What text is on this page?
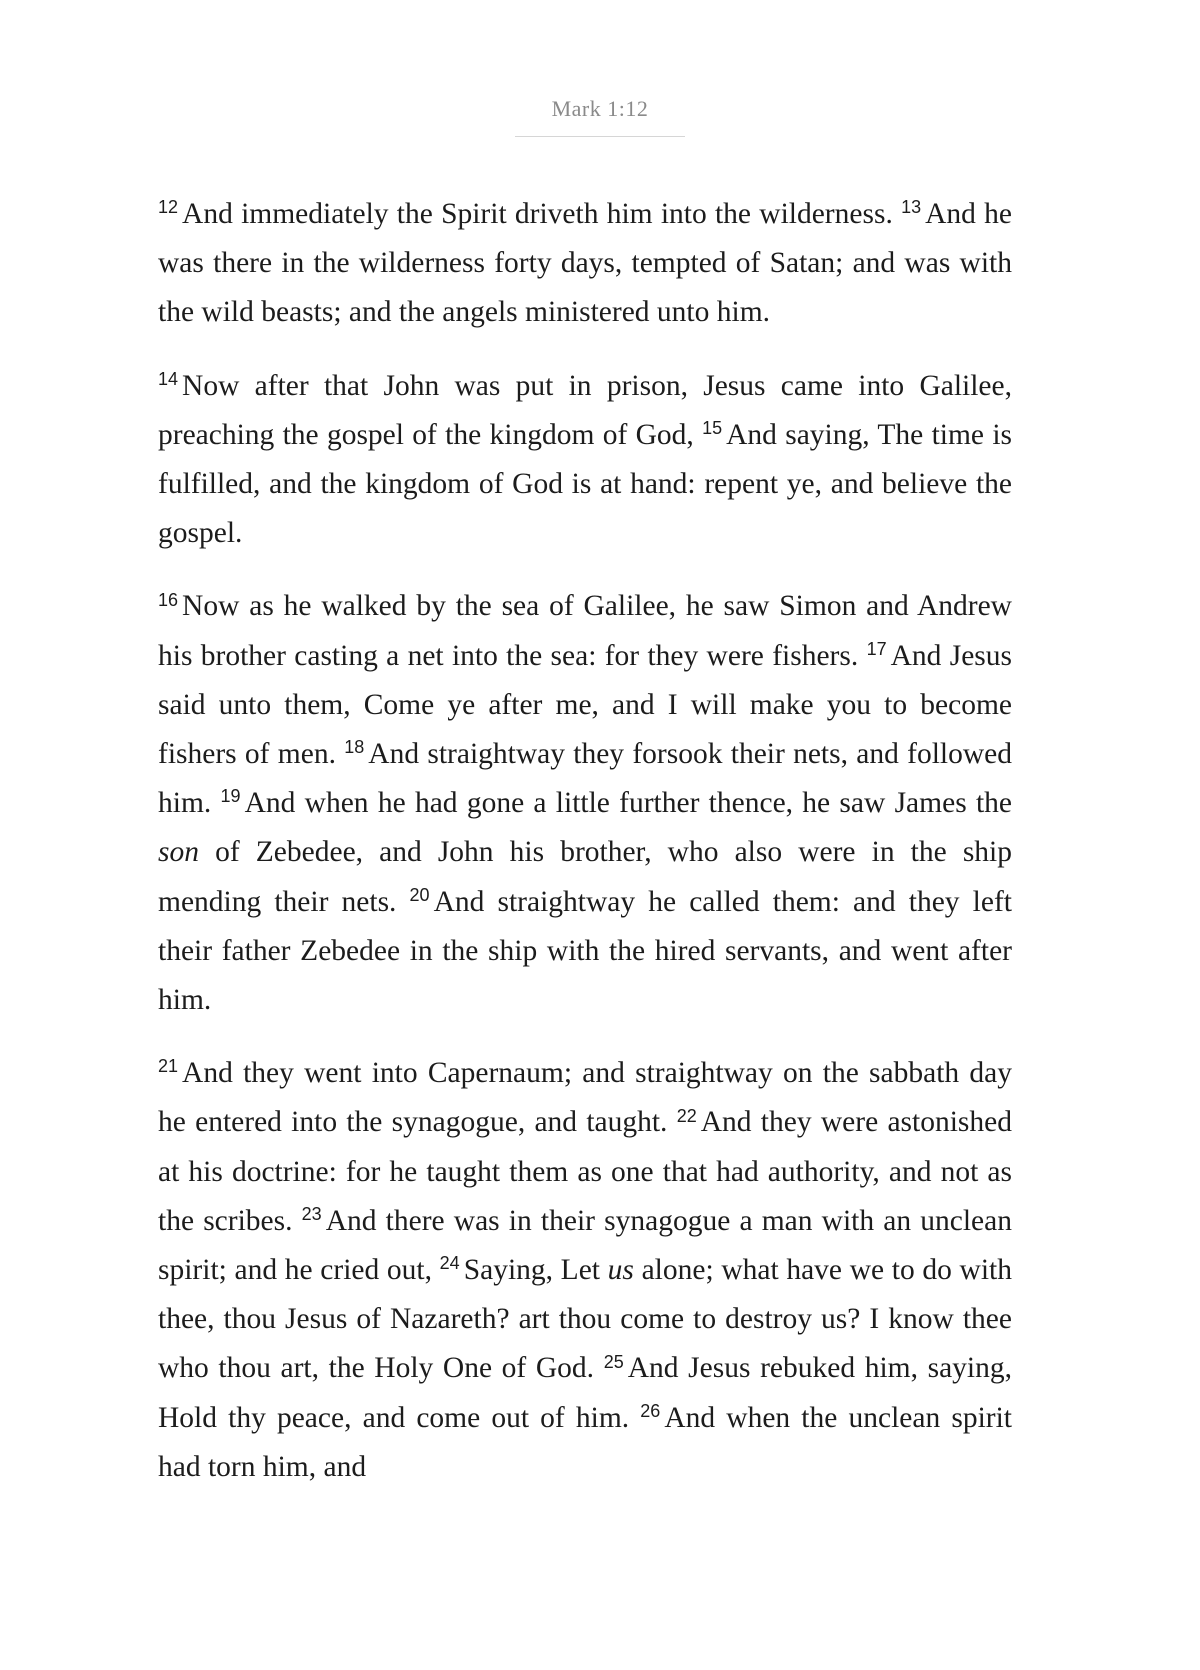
Mark 1:12

$^{12}$ And immediately the Spirit driveth him into the wilderness. $^{13}$ And he was there in the wilderness forty days, tempted of Satan; and was with the wild beasts; and the angels ministered unto him.

$^{14}$ Now after that John was put in prison, Jesus came into Galilee, preaching the gospel of the kingdom of God, $^{15}$ And saying, The time is fulfilled, and the kingdom of God is at hand: repent ye, and believe the gospel.

$^{16}$ Now as he walked by the sea of Galilee, he saw Simon and Andrew his brother casting a net into the sea: for they were fishers. $^{17}$ And Jesus said unto them, Come ye after me, and I will make you to become fishers of men. $^{18}$ And straightway they forsook their nets, and followed him. $^{19}$ And when he had gone a little further thence, he saw James the son of Zebedee, and John his brother, who also were in the ship mending their nets. $^{20}$ And straightway he called them: and they left their father Zebedee in the ship with the hired servants, and went after him.

$^{21}$ And they went into Capernaum; and straightway on the sabbath day he entered into the synagogue, and taught. $^{22}$ And they were astonished at his doctrine: for he taught them as one that had authority, and not as the scribes. $^{23}$ And there was in their synagogue a man with an unclean spirit; and he cried out, $^{24}$ Saying, Let us alone; what have we to do with thee, thou Jesus of Nazareth? art thou come to destroy us? I know thee who thou art, the Holy One of God. $^{25}$ And Jesus rebuked him, saying, Hold thy peace, and come out of him. $^{26}$ And when the unclean spirit had torn him, and
